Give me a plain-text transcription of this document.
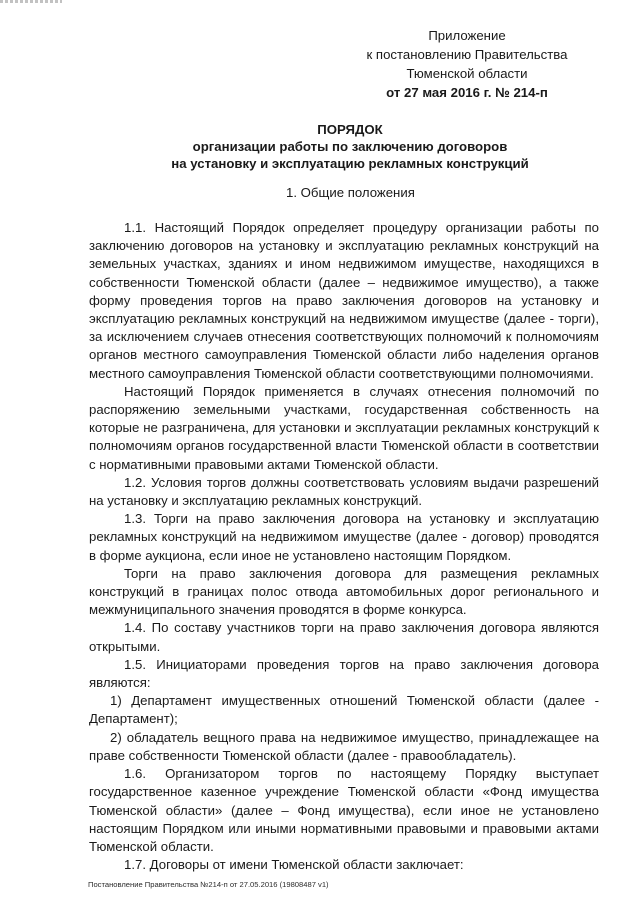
Приложение
к постановлению Правительства
Тюменской области
от 27 мая 2016 г. № 214-п
ПОРЯДОК
организации работы по заключению договоров
на установку и эксплуатацию рекламных конструкций
1. Общие положения

1.1. Настоящий Порядок определяет процедуру организации работы по заключению договоров на установку и эксплуатацию рекламных конструкций на земельных участках, зданиях и ином недвижимом имуществе, находящихся в собственности Тюменской области (далее – недвижимое имущество), а также форму проведения торгов на право заключения договоров на установку и эксплуатацию рекламных конструкций на недвижимом имуществе (далее - торги), за исключением случаев отнесения соответствующих полномочий к полномочиям органов местного самоуправления Тюменской области либо наделения органов местного самоуправления Тюменской области соответствующими полномочиями.

Настоящий Порядок применяется в случаях отнесения полномочий по распоряжению земельными участками, государственная собственность на которые не разграничена, для установки и эксплуатации рекламных конструкций к полномочиям органов государственной власти Тюменской области в соответствии с нормативными правовыми актами Тюменской области.

1.2. Условия торгов должны соответствовать условиям выдачи разрешений на установку и эксплуатацию рекламных конструкций.

1.3. Торги на право заключения договора на установку и эксплуатацию рекламных конструкций на недвижимом имуществе (далее - договор) проводятся в форме аукциона, если иное не установлено настоящим Порядком.

Торги на право заключения договора для размещения рекламных конструкций в границах полос отвода автомобильных дорог регионального и межмуниципального значения проводятся в форме конкурса.

1.4. По составу участников торги на право заключения договора являются открытыми.

1.5. Инициаторами проведения торгов на право заключения договора являются:

1) Департамент имущественных отношений Тюменской области (далее - Департамент);

2) обладатель вещного права на недвижимое имущество, принадлежащее на праве собственности Тюменской области (далее - правообладатель).

1.6. Организатором торгов по настоящему Порядку выступает государственное казенное учреждение Тюменской области «Фонд имущества Тюменской области» (далее – Фонд имущества), если иное не установлено настоящим Порядком или иными нормативными правовыми и правовыми актами Тюменской области.

1.7. Договоры от имени Тюменской области заключает:

Постановление Правительства №214-п от 27.05.2016 (19808487 v1)
